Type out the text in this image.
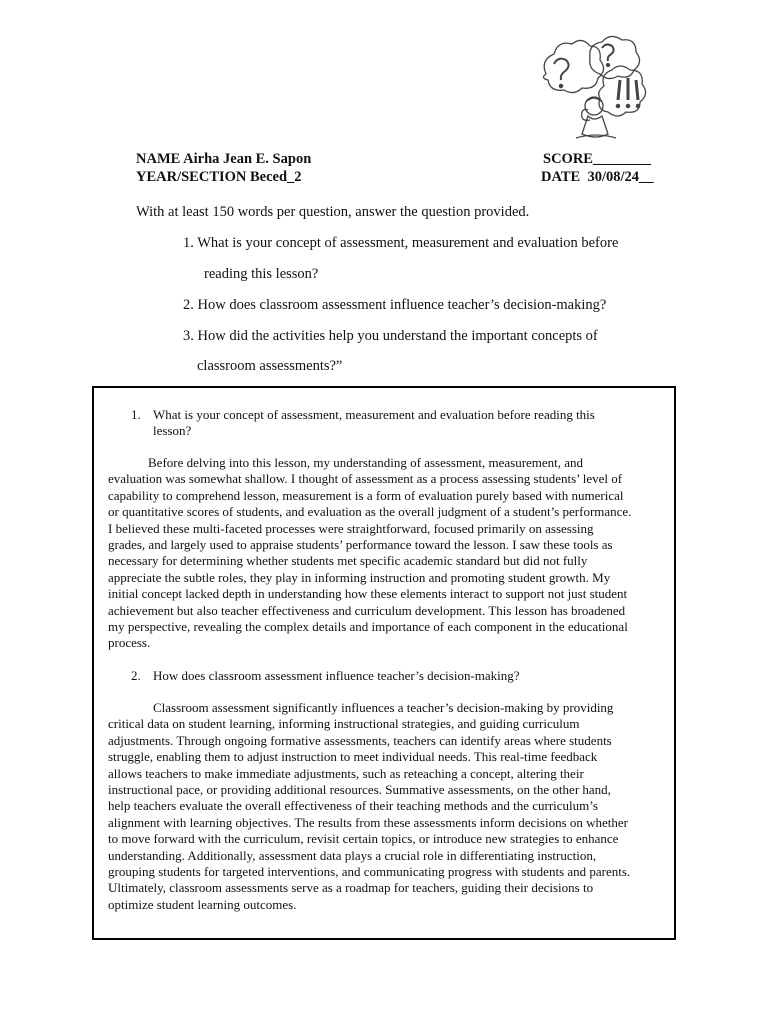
NAME Airha Jean E. Sapon
YEAR/SECTION Beced_2
SCORE________
DATE 30/08/24__
With at least 150 words per question, answer the question provided.
1. What is your concept of assessment, measurement and evaluation before
reading this lesson?
2. How does classroom assessment influence teacher’s decision-making?
3. How did the activities help you understand the important concepts of
classroom assessments?”
1. What is your concept of assessment, measurement and evaluation before reading this
lesson?
Before delving into this lesson, my understanding of assessment, measurement, and
evaluation was somewhat shallow. I thought of assessment as a process assessing students’ level of
capability to comprehend lesson, measurement is a form of evaluation purely based with numerical
or quantitative scores of students, and evaluation as the overall judgment of a student’s performance.
I believed these multi-faceted processes were straightforward, focused primarily on assessing
grades, and largely used to appraise students’ performance toward the lesson. I saw these tools as
necessary for determining whether students met specific academic standard but did not fully
appreciate the subtle roles, they play in informing instruction and promoting student growth. My
initial concept lacked depth in understanding how these elements interact to support not just student
achievement but also teacher effectiveness and curriculum development. This lesson has broadened
my perspective, revealing the complex details and importance of each component in the educational
process.
2. How does classroom assessment influence teacher’s decision-making?
Classroom assessment significantly influences a teacher’s decision-making by providing
critical data on student learning, informing instructional strategies, and guiding curriculum
adjustments. Through ongoing formative assessments, teachers can identify areas where students
struggle, enabling them to adjust instruction to meet individual needs. This real-time feedback
allows teachers to make immediate adjustments, such as reteaching a concept, altering their
instructional pace, or providing additional resources. Summative assessments, on the other hand,
help teachers evaluate the overall effectiveness of their teaching methods and the curriculum’s
alignment with learning objectives. The results from these assessments inform decisions on whether
to move forward with the curriculum, revisit certain topics, or introduce new strategies to enhance
understanding. Additionally, assessment data plays a crucial role in differentiating instruction,
grouping students for targeted interventions, and communicating progress with students and parents.
Ultimately, classroom assessments serve as a roadmap for teachers, guiding their decisions to
optimize student learning outcomes.
